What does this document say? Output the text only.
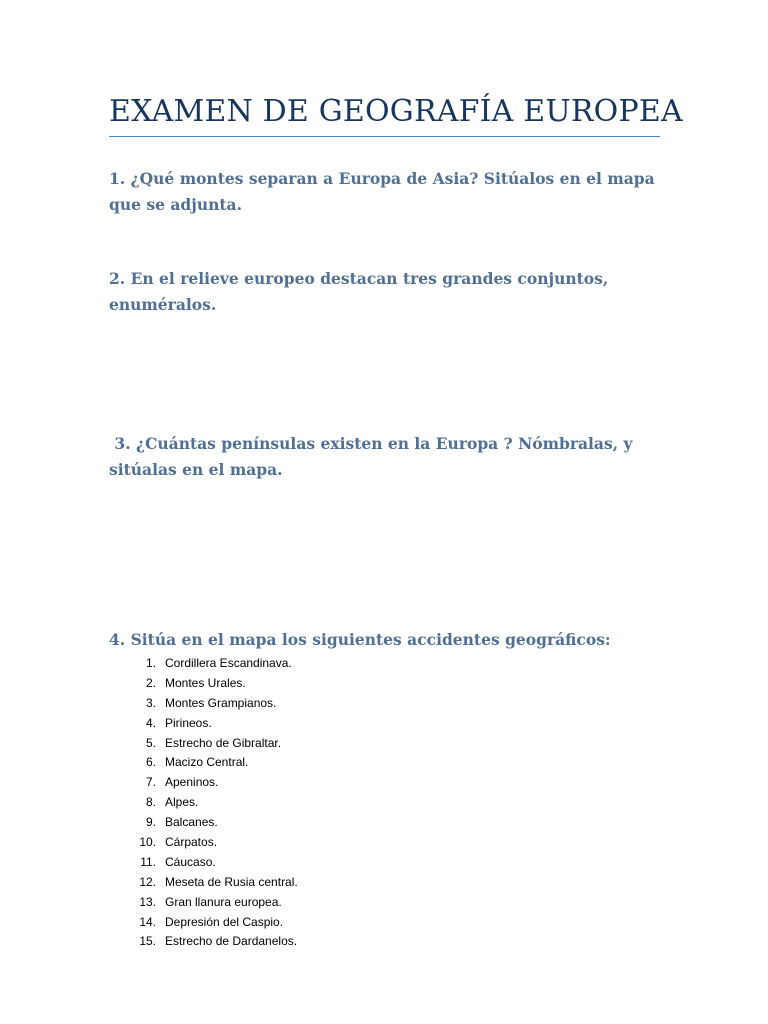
EXAMEN DE GEOGRAFÍA EUROPEA
1. ¿Qué montes separan a Europa de Asia? Sitúalos en el mapa que se adjunta.
2. En el relieve europeo destacan tres grandes conjuntos, enuméralos.
3. ¿Cuántas penínsulas existen en la Europa ? Nómbralas, y sitúalas en el mapa.
4. Sitúa en el mapa los siguientes accidentes geográficos:
1. Cordillera Escandinava.
2. Montes Urales.
3. Montes Grampianos.
4. Pirineos.
5. Estrecho de Gibraltar.
6. Macizo Central.
7. Apeninos.
8. Alpes.
9. Balcanes.
10. Cárpatos.
11. Cáucaso.
12. Meseta de Rusia central.
13. Gran llanura europea.
14. Depresión del Caspio.
15. Estrecho de Dardanelos.
